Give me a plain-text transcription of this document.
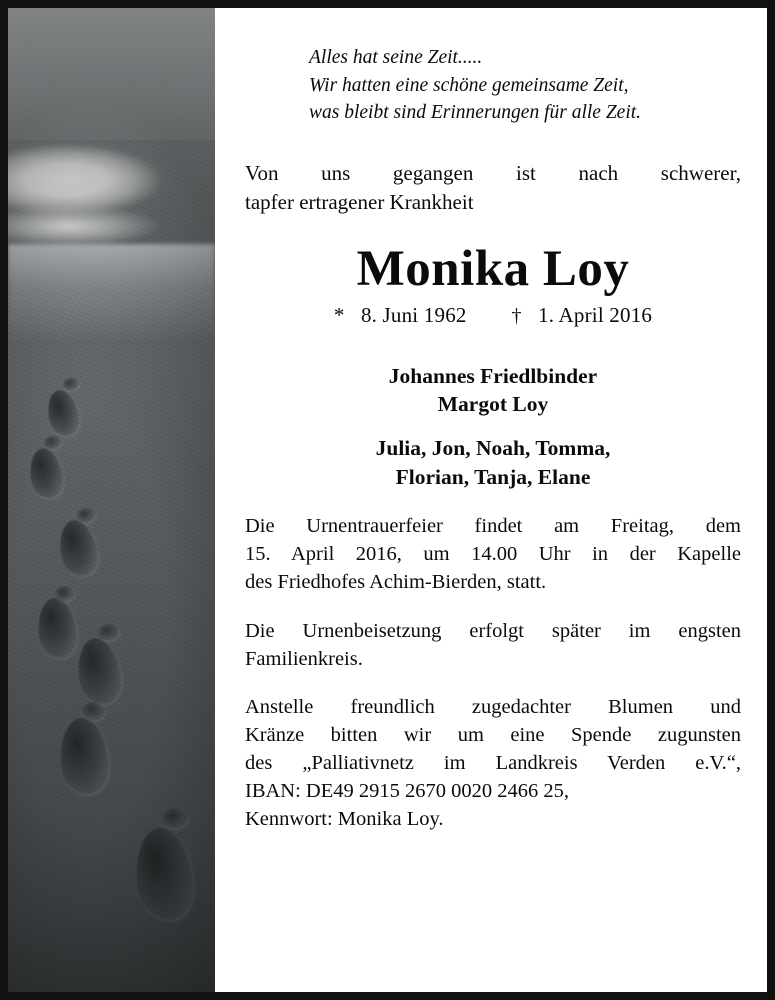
Alles hat seine Zeit.....
Wir hatten eine schöne gemeinsame Zeit,
was bleibt sind Erinnerungen für alle Zeit.
Von uns gegangen ist nach schwerer,
tapfer ertragener Krankheit
Monika Loy
* 8. Juni 1962 † 1. April 2016
Johannes Friedlbinder
Margot Loy
Julia, Jon, Noah, Tomma,
Florian, Tanja, Elane
Die Urnentrauerfeier findet am Freitag, dem
15. April 2016, um 14.00 Uhr in der Kapelle
des Friedhofes Achim-Bierden, statt.
Die Urnenbeisetzung erfolgt später im engsten
Familienkreis.
Anstelle freundlich zugedachter Blumen und
Kränze bitten wir um eine Spende zugunsten
des „Palliativnetz im Landkreis Verden e.V.“,
IBAN: DE49 2915 2670 0020 2466 25,
Kennwort: Monika Loy.
